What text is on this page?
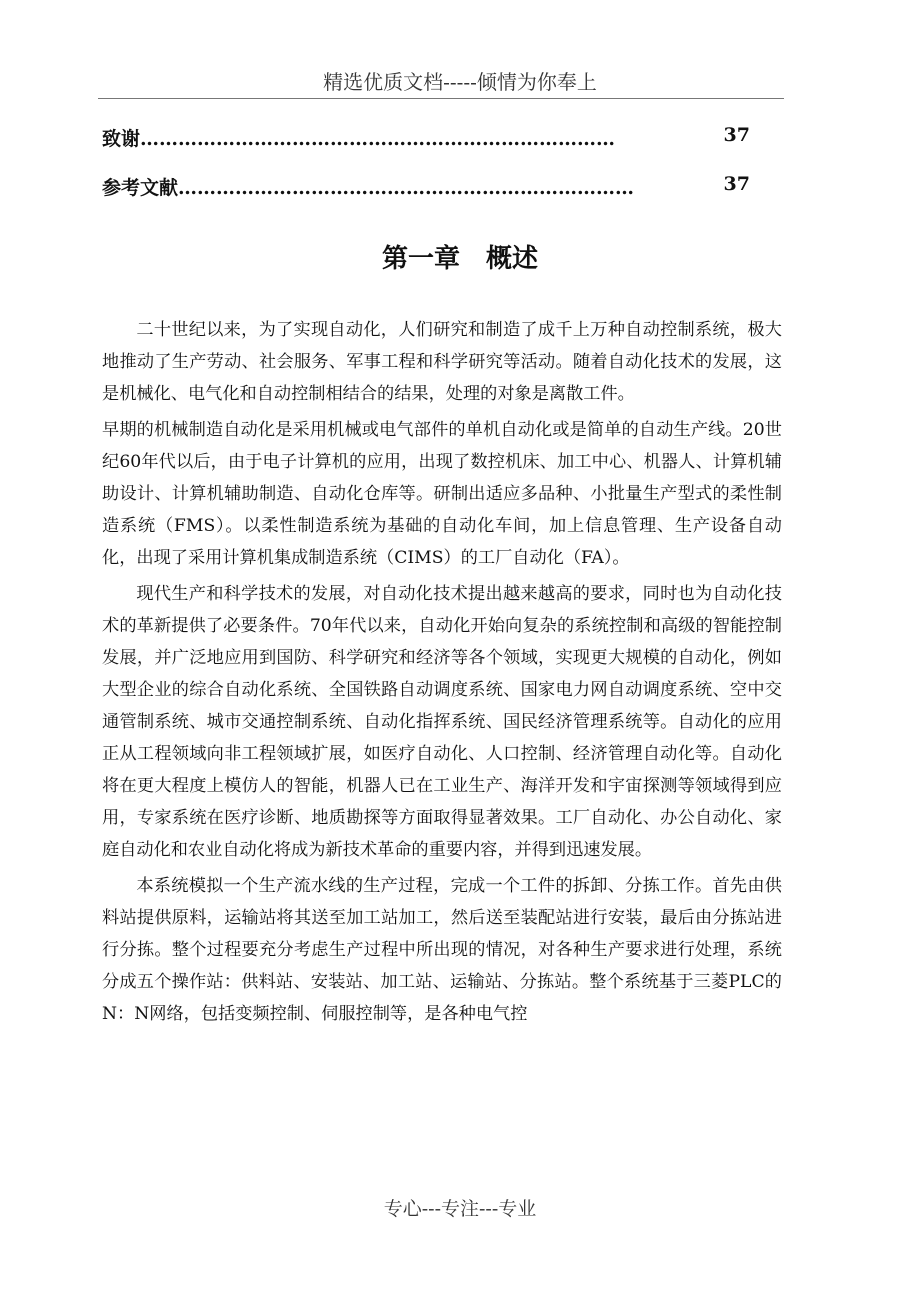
精选优质文档-----倾情为你奉上
致谢…………………………………………………………………	37
参考文献………………………………………………………………	37
第一章　概述

二十世纪以来，为了实现自动化，人们研究和制造了成千上万种自动控制系统，极大地推动了生产劳动、社会服务、军事工程和科学研究等活动。随着自动化技术的发展，这是机械化、电气化和自动控制相结合的结果，处理的对象是离散工件。

早期的机械制造自动化是采用机械或电气部件的单机自动化或是简单的自动生产线。20世纪60年代以后，由于电子计算机的应用，出现了数控机床、加工中心、机器人、计算机辅助设计、计算机辅助制造、自动化仓库等。研制出适应多品种、小批量生产型式的柔性制造系统（FMS）。以柔性制造系统为基础的自动化车间，加上信息管理、生产设备自动化，出现了采用计算机集成制造系统（CIMS）的工厂自动化（FA）。

现代生产和科学技术的发展，对自动化技术提出越来越高的要求，同时也为自动化技术的革新提供了必要条件。70年代以来，自动化开始向复杂的系统控制和高级的智能控制发展，并广泛地应用到国防、科学研究和经济等各个领域，实现更大规模的自动化，例如大型企业的综合自动化系统、全国铁路自动调度系统、国家电力网自动调度系统、空中交通管制系统、城市交通控制系统、自动化指挥系统、国民经济管理系统等。自动化的应用正从工程领域向非工程领域扩展，如医疗自动化、人口控制、经济管理自动化等。自动化将在更大程度上模仿人的智能，机器人已在工业生产、海洋开发和宇宙探测等领域得到应用，专家系统在医疗诊断、地质勘探等方面取得显著效果。工厂自动化、办公自动化、家庭自动化和农业自动化将成为新技术革命的重要内容，并得到迅速发展。

本系统模拟一个生产流水线的生产过程，完成一个工件的拆卸、分拣工作。首先由供料站提供原料，运输站将其送至加工站加工，然后送至装配站进行安装，最后由分拣站进行分拣。整个过程要充分考虑生产过程中所出现的情况，对各种生产要求进行处理，系统分成五个操作站：供料站、安装站、加工站、运输站、分拣站。整个系统基于三菱PLC的N：N网络，包括变频控制、伺服控制等，是各种电气控

专心---专注---专业
